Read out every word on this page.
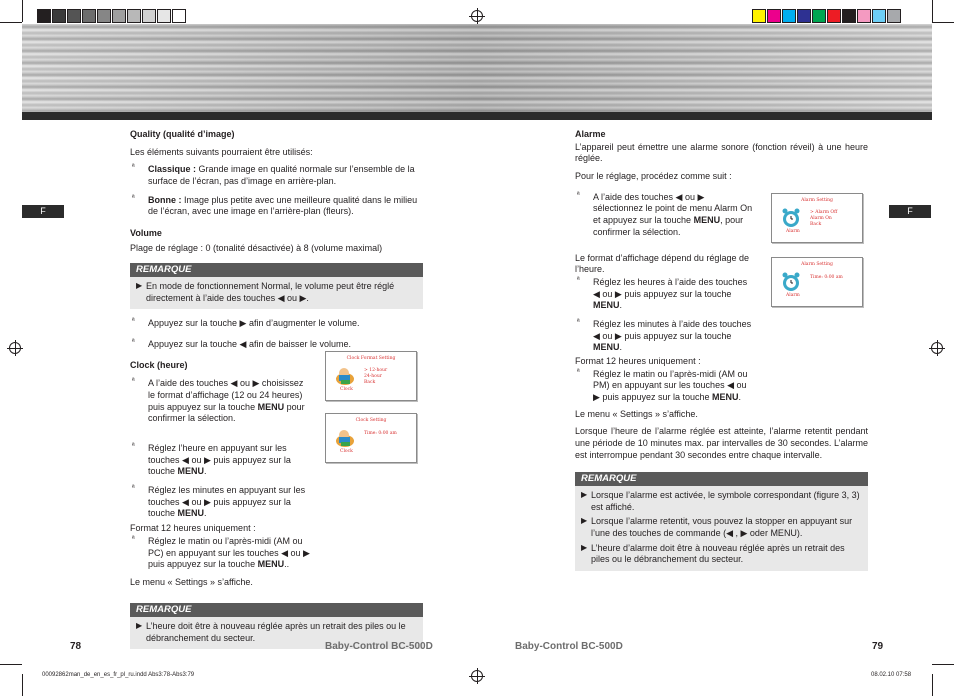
F	F
Quality (qualité d’image)
Les éléments suivants pourraient être utilisés:
ª Classique : Grande image en qualité normale sur l’ensemble de la surface de l’écran, pas d’image en arrière-plan.
ª Bonne : Image plus petite avec une meilleure qualité dans le milieu de l’écran, avec une image en l’arrière-plan (fleurs).
Volume
Plage de réglage : 0 (tonalité désactivée) à 8 (volume maximal)
REMARQUE
▶ En mode de fonctionnement Normal, le volume peut être réglé directement à l’aide des touches ◀ ou ▶.
ª Appuyez sur la touche ▶ afin d’augmenter le volume.
ª Appuyez sur la touche ◀ afin de baisser le volume.
Clock (heure)
ª A l’aide des touches ◀ ou ▶ choisissez le format d’affichage (12 ou 24 heures) puis appuyez sur la touche MENU pour confirmer la sélection.
ª Réglez l’heure en appuyant sur les touches ◀ ou ▶ puis appuyez sur la touche MENU.
ª Réglez les minutes en appuyant sur les touches ◀ ou ▶ puis appuyez sur la touche MENU.
Format 12 heures uniquement :
ª Réglez le matin ou l’après-midi (AM ou PC) en appuyant sur les touches ◀ ou ▶ puis appuyez sur la touche MENU..
Le menu « Settings » s’affiche.
REMARQUE
▶ L’heure doit être à nouveau réglée après un retrait des piles ou le débranchement du secteur.
Clock Format Setting
> 12-hour
24-hour
Back
Clock
Clock Setting
Time: 0:00 am
Clock
Alarme
L’appareil peut émettre une alarme sonore (fonction réveil) à une heure réglée.
Pour le réglage, procédez comme suit :
ª A l’aide des touches ◀ ou ▶ sélectionnez le point de menu Alarm On et appuyez sur la touche MENU, pour confirmer la sélection.
Le format d’affichage dépend du réglage de l’heure.
ª Réglez les heures à l’aide des touches ◀ ou ▶ puis appuyez sur la touche MENU.
ª Réglez les minutes à l’aide des touches ◀ ou ▶ puis appuyez sur la touche MENU.
Format 12 heures uniquement :
ª Réglez le matin ou l’après-midi (AM ou PM) en appuyant sur les touches ◀ ou ▶ puis appuyez sur la touche MENU.
Le menu « Settings » s’affiche.
Lorsque l’heure de l’alarme réglée est atteinte, l’alarme retentit pendant une période de 10 minutes max. par intervalles de 30 secondes. L’alarme est interrompue pendant 30 secondes entre chaque intervalle.
REMARQUE
▶ Lorsque l’alarme est activée, le symbole correspondant (figure 3, 3) est affiché.
▶ Lorsque l’alarme retentit, vous pouvez la stopper en appuyant sur l’une des touches de commande (◀ , ▶ oder MENU).
▶ L’heure d’alarme doit être à nouveau réglée après un retrait des piles ou le débranchement du secteur.
Alarm Setting
> Alarm Off
Alarm On
Back
Alarm
Alarm Setting
Time: 0:00 am
Alarm
78	Baby-Control BC-500D	Baby-Control BC-500D	79
00092862man_de_en_es_fr_pl_ru.indd Abs3:78-Abs3:79	08.02.10 07:58
